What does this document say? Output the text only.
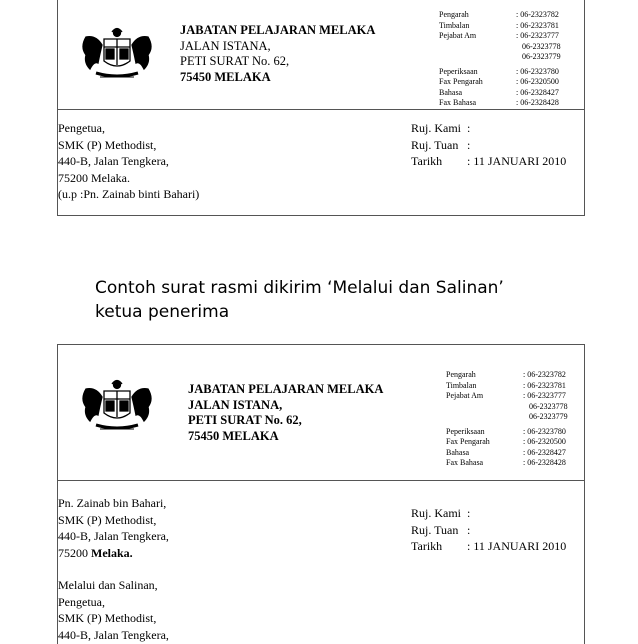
JABATAN PELAJARAN MELAKA
JALAN ISTANA,
PETI SURAT No. 62,
75450 MELAKA
Pengarah	: 06-2323782
Timbalan	: 06-2323781
Pejabat Am	: 06-2323777
	06-2323778
	06-2323779
Peperiksaan	: 06-2323780
Fax Pengarah	: 06-2320500
Bahasa	: 06-2328427
Fax Bahasa	: 06-2328428
Pengetua,
SMK (P) Methodist,
440-B, Jalan Tengkera,
75200 Melaka.
(u.p :Pn. Zainab binti Bahari)
Ruj. Kami	:
Ruj. Tuan	:
Tarikh	: 11 JANUARI 2010
Contoh surat rasmi dikirim ‘Melalui dan Salinan’
ketua penerima
JABATAN PELAJARAN MELAKA
JALAN ISTANA,
PETI SURAT No. 62,
75450 MELAKA
Pengarah	: 06-2323782
Timbalan	: 06-2323781
Pejabat Am	: 06-2323777
	06-2323778
	06-2323779
Peperiksaan	: 06-2323780
Fax Pengarah	: 06-2320500
Bahasa	: 06-2328427
Fax Bahasa	: 06-2328428
Pn. Zainab bin Bahari,
SMK (P) Methodist,
440-B, Jalan Tengkera,
75200 Melaka.
Melalui dan Salinan,
Pengetua,
SMK (P) Methodist,
440-B, Jalan Tengkera,
Ruj. Kami	:
Ruj. Tuan	:
Tarikh	: 11 JANUARI 2010
